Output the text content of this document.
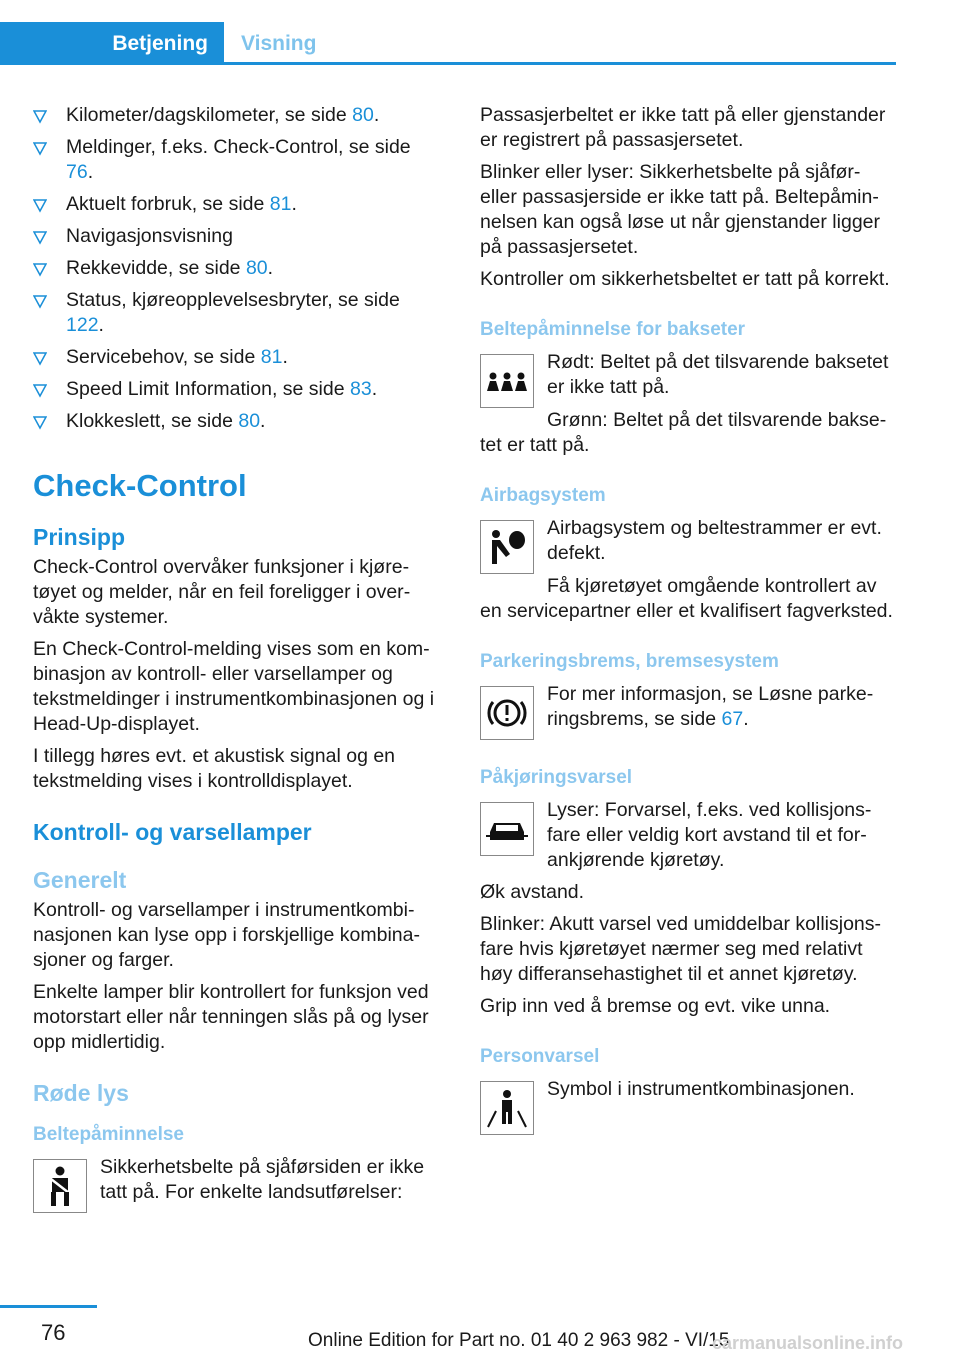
Betjening	Visning
Kilometer/dagskilometer, se side 80.
Meldinger, f.eks. Check-Control, se side 76.
Aktuelt forbruk, se side 81.
Navigasjonsvisning
Rekkevidde, se side 80.
Status, kjøreopplevelsesbryter, se side 122.
Servicebehov, se side 81.
Speed Limit Information, se side 83.
Klokkeslett, se side 80.
Check-Control
Prinsipp

Check-Control overvåker funksjoner i kjøretøyet og melder, når en feil foreligger i overvåkte systemer.

En Check-Control-melding vises som en kombinasjon av kontroll- eller varsellamper og tekstmeldinger i instrumentkombinasjonen og i Head-Up-displayet.

I tillegg høres evt. et akustisk signal og en tekstmelding vises i kontrolldisplayet.

Kontroll- og varsellamper
Generelt

Kontroll- og varsellamper i instrumentkombinasjonen kan lyse opp i forskjellige kombinasjoner og farger.

Enkelte lamper blir kontrollert for funksjon ved motorstart eller når tenningen slås på og lyser opp midlertidig.

Røde lys
Beltepåminnelse

Sikkerhetsbelte på sjåførsiden er ikke tatt på. For enkelte landsutførelser:

Passasjerbeltet er ikke tatt på eller gjenstander er registrert på passasjersetet.

Blinker eller lyser: Sikkerhetsbelte på sjåfør- eller passasjerside er ikke tatt på. Beltepåminnelsen kan også løse ut når gjenstander ligger på passasjersetet.

Kontroller om sikkerhetsbeltet er tatt på korrekt.

Beltepåminnelse for bakseter

Rødt: Beltet på det tilsvarende baksetet er ikke tatt på.

Grønn: Beltet på det tilsvarende baksetet er tatt på.

Airbagsystem

Airbagsystem og beltestrammer er evt. defekt.

Få kjøretøyet omgående kontrollert av en servicepartner eller et kvalifisert fagverksted.

Parkeringsbrems, bremsesystem

For mer informasjon, se Løsne parkeringsbrems, se side 67.

Påkjøringsvarsel

Lyser: Forvarsel, f.eks. ved kollisjonsfare eller veldig kort avstand til et forankjørende kjøretøy.

Øk avstand.

Blinker: Akutt varsel ved umiddelbar kollisjonsfare hvis kjøretøyet nærmer seg med relativt høy differansehastighet til et annet kjøretøy.

Grip inn ved å bremse og evt. vike unna.

Personvarsel

Symbol i instrumentkombinasjonen.

76	Online Edition for Part no. 01 40 2 963 982 - VI/15
carmanualsonline.info
